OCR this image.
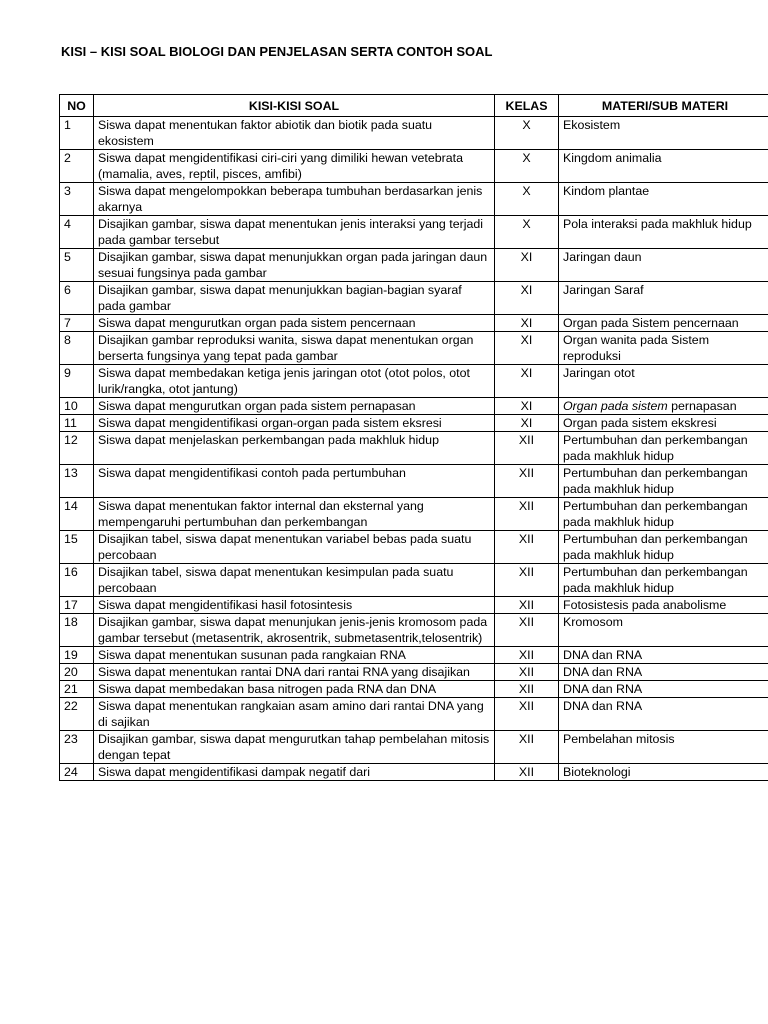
KISI – KISI SOAL BIOLOGI DAN PENJELASAN SERTA CONTOH SOAL
NO	KISI-KISI SOAL	KELAS	MATERI/SUB MATERI
1	Siswa dapat menentukan faktor abiotik dan biotik pada suatu ekosistem	X	Ekosistem
2	Siswa dapat mengidentifikasi ciri-ciri yang dimiliki hewan vetebrata (mamalia, aves, reptil, pisces, amfibi)	X	Kingdom animalia
3	Siswa dapat mengelompokkan beberapa tumbuhan berdasarkan jenis akarnya	X	Kindom plantae
4	Disajikan gambar, siswa dapat menentukan jenis interaksi yang terjadi pada gambar tersebut	X	Pola interaksi pada makhluk hidup
5	Disajikan gambar, siswa dapat menunjukkan organ pada jaringan daun sesuai fungsinya pada gambar	XI	Jaringan daun
6	Disajikan gambar, siswa dapat menunjukkan bagian-bagian syaraf pada gambar	XI	Jaringan Saraf
7	Siswa dapat mengurutkan organ pada sistem pencernaan	XI	Organ pada Sistem pencernaan
8	Disajikan gambar reproduksi wanita, siswa dapat menentukan organ berserta fungsinya yang tepat pada gambar	XI	Organ wanita pada Sistem reproduksi
9	Siswa dapat membedakan ketiga jenis jaringan otot (otot polos, otot lurik/rangka, otot jantung)	XI	Jaringan otot
10	Siswa dapat mengurutkan organ pada sistem pernapasan	XI	Organ pada sistem pernapasan
11	Siswa dapat mengidentifikasi organ-organ pada sistem eksresi	XI	Organ pada sistem ekskresi
12	Siswa dapat menjelaskan perkembangan pada makhluk hidup	XII	Pertumbuhan dan perkembangan pada makhluk hidup
13	Siswa dapat mengidentifikasi contoh pada pertumbuhan	XII	Pertumbuhan dan perkembangan pada makhluk hidup
14	Siswa dapat menentukan faktor internal dan eksternal yang mempengaruhi pertumbuhan dan perkembangan	XII	Pertumbuhan dan perkembangan pada makhluk hidup
15	Disajikan tabel, siswa dapat menentukan variabel bebas pada suatu percobaan	XII	Pertumbuhan dan perkembangan pada makhluk hidup
16	Disajikan tabel, siswa dapat menentukan kesimpulan pada suatu percobaan	XII	Pertumbuhan dan perkembangan pada makhluk hidup
17	Siswa dapat mengidentifikasi hasil fotosintesis	XII	Fotosistesis pada anabolisme
18	Disajikan gambar, siswa dapat menunjukan jenis-jenis kromosom pada gambar tersebut (metasentrik, akrosentrik, submetasentrik,telosentrik)	XII	Kromosom
19	Siswa dapat menentukan susunan pada rangkaian RNA	XII	DNA dan RNA
20	Siswa dapat menentukan rantai DNA dari rantai RNA yang disajikan	XII	DNA dan RNA
21	Siswa dapat membedakan basa nitrogen pada RNA dan DNA	XII	DNA dan RNA
22	Siswa dapat menentukan rangkaian asam amino dari rantai DNA yang di sajikan	XII	DNA dan RNA
23	Disajikan gambar, siswa dapat mengurutkan tahap pembelahan mitosis dengan tepat	XII	Pembelahan mitosis
24	Siswa dapat mengidentifikasi dampak negatif dari	XII	Bioteknologi
